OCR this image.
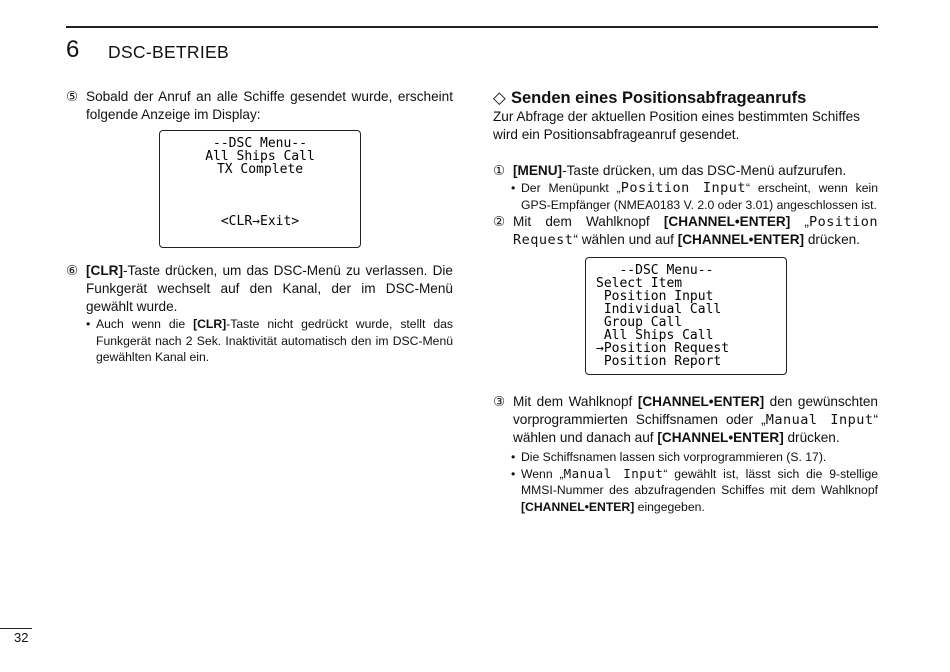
6 DSC-BETRIEB
⑤ Sobald der Anruf an alle Schiffe gesendet wurde, erscheint folgende Anzeige im Display:
--DSC Menu--
All Ships Call
TX Complete

<CLR→Exit>
⑥ [CLR]-Taste drücken, um das DSC-Menü zu verlassen. Die Funkgerät wechselt auf den Kanal, der im DSC-Menü gewählt wurde.
• Auch wenn die [CLR]-Taste nicht gedrückt wurde, stellt das Funkgerät nach 2 Sek. Inaktivität automatisch den im DSC-Menü gewählten Kanal ein.
◇ Senden eines Positionsabfrageanrufs
Zur Abfrage der aktuellen Position eines bestimmten Schiffes wird ein Positionsabfrageanruf gesendet.
① [MENU]-Taste drücken, um das DSC-Menü aufzurufen.
• Der Menüpunkt „Position Input“ erscheint, wenn kein GPS-Empfänger (NMEA0183 V. 2.0 oder 3.01) angeschlossen ist.
② Mit dem Wahlknopf [CHANNEL•ENTER] „Position Request“ wählen und auf [CHANNEL•ENTER] drücken.
--DSC Menu--
Select Item
Position Input
Individual Call
Group Call
All Ships Call
→Position Request
Position Report
③ Mit dem Wahlknopf [CHANNEL•ENTER] den gewünschten vorprogrammierten Schiffsnamen oder „Manual Input“ wählen und danach auf [CHANNEL•ENTER] drücken.
• Die Schiffsnamen lassen sich vorprogrammieren (S. 17).
• Wenn „Manual Input“ gewählt ist, lässt sich die 9-stellige MMSI-Nummer des abzufragenden Schiffes mit dem Wahlknopf [CHANNEL•ENTER] eingegeben.
32
